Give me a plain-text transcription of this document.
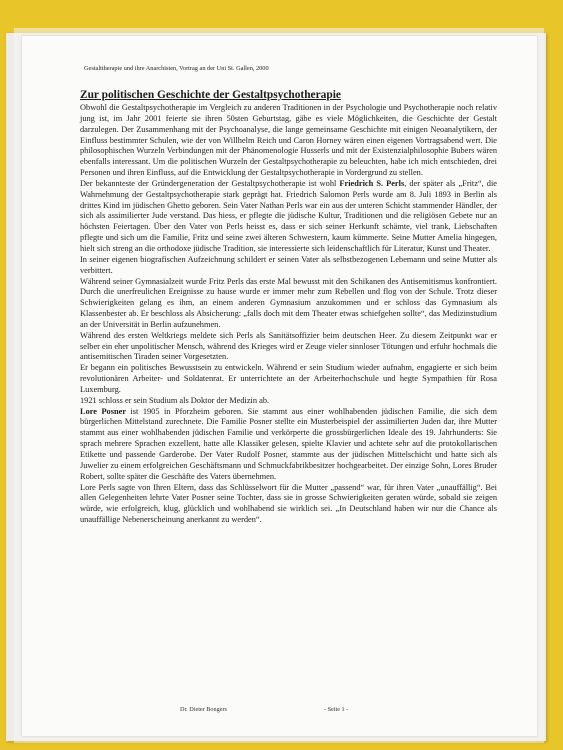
Gestalttherapie und ihre Anarchisten, Vortrag an der Uni St. Gallen, 2000
Zur politischen Geschichte der Gestaltpsychotherapie

Obwohl die Gestaltpsychotherapie im Vergleich zu anderen Traditionen in der Psychologie und Psychotherapie noch relativ jung ist, im Jahr 2001 feierte sie ihren 50sten Geburtstag, gäbe es viele Möglichkeiten, die Geschichte der Gestalt darzulegen. Der Zusammenhang mit der Psychoanalyse, die lange gemeinsame Geschichte mit einigen Neoanalytikern, der Einfluss bestimmter Schulen, wie der von Willhelm Reich und Caron Horney wären einen eigenen Vortragsabend wert. Die philosophischen Wurzeln Verbindungen mit der Phänomenologie Husserls und mit der Existenzialphilosophie Bubers wären ebenfalls interessant. Um die politischen Wurzeln der Gestaltpsychotherapie zu beleuchten, habe ich mich entschieden, drei Personen und ihren Einfluss, auf die Entwicklung der Gestaltpsychotherapie in Vordergrund zu stellen.

Der bekannteste der Gründergeneration der Gestaltpsychotherapie ist wohl Friedrich S. Perls, der später als „Fritz“, die Wahrnehmung der Gestaltpsychotherapie stark geprägt hat. Friedrich Salomon Perls wurde am 8. Juli 1893 in Berlin als drittes Kind im jüdischen Ghetto geboren. Sein Vater Nathan Perls war ein aus der unteren Schicht stammender Händler, der sich als assimilierter Jude verstand. Das hiess, er pflegte die jüdische Kultur, Traditionen und die religiösen Gebete nur an höchsten Feiertagen. Über den Vater von Perls heisst es, dass er sich seiner Herkunft schämte, viel trank, Liebschaften pflegte und sich um die Familie, Fritz und seine zwei älteren Schwestern, kaum kümmerte. Seine Mutter Amelia hingegen, hielt sich streng an die orthodoxe jüdische Tradition, sie interessierte sich leidenschaftlich für Literatur, Kunst und Theater.

In seiner eigenen biografischen Aufzeichnung schildert er seinen Vater als selbstbezogenen Lebemann und seine Mutter als verbittert.

Während seiner Gymnasialzeit wurde Fritz Perls das erste Mal bewusst mit den Schikanen des Antisemitismus konfrontiert. Durch die unerfreulichen Ereignisse zu hause wurde er immer mehr zum Rebellen und flog von der Schule. Trotz dieser Schwierigkeiten gelang es ihm, an einem anderen Gymnasium anzukommen und er schloss das Gymnasium als Klassenbester ab. Er beschloss als Absicherung: „falls doch mit dem Theater etwas schiefgehen sollte“, das Medizinstudium an der Universität in Berlin aufzunehmen.

Während des ersten Weltkriegs meldete sich Perls als Sanitätsoffizier beim deutschen Heer. Zu diesem Zeitpunkt war er selber ein eher unpolitischer Mensch, während des Krieges wird er Zeuge vieler sinnloser Tötungen und erfuhr hochmals die antisemitischen Tiraden seiner Vorgesetzten.

Er begann ein politisches Bewusstsein zu entwickeln. Während er sein Studium wieder aufnahm, engagierte er sich beim revolutionären Arbeiter- und Soldatenrat. Er unterrichtete an der Arbeiterhochschule und hegte Sympathien für Rosa Luxemburg.

1921 schloss er sein Studium als Doktor der Medizin ab.

Lore Posner ist 1905 in Pforzheim geboren. Sie stammt aus einer wohlhabenden jüdischen Familie, die sich dem bürgerlichen Mittelstand zurechnete. Die Familie Posner stellte ein Musterbeispiel der assimilierten Juden dar, ihre Mutter stammt aus einer wohlhabenden jüdischen Familie und verkörperte die grossbürgerlichen Ideale des 19. Jahrhunderts: Sie sprach mehrere Sprachen exzellent, hatte alle Klassiker gelesen, spielte Klavier und achtete sehr auf die protokollarischen Etikette und passende Garderobe. Der Vater Rudolf Posner, stammte aus der jüdischen Mittelschicht und hatte sich als Juwelier zu einem erfolgreichen Geschäftsmann und Schmuckfabrikbesitzer hochgearbeitet. Der einzige Sohn, Lores Bruder Robert, sollte später die Geschäfte des Vaters übernehmen.

Lore Perls sagte von Ihren Eltern, dass das Schlüsselwort für die Mutter „passend“ war, für ihren Vater „unauffällig“. Bei allen Gelegenheiten lehrte Vater Posner seine Tochter, dass sie in grosse Schwierigkeiten geraten würde, sobald sie zeigen würde, wie erfolgreich, klug, glücklich und wohlhabend sie wirklich sei. „In Deutschland haben wir nur die Chance als unauffällige Nebenerscheinung anerkannt zu werden“.

Dr. Dieter Bongers	- Seite 1 -
